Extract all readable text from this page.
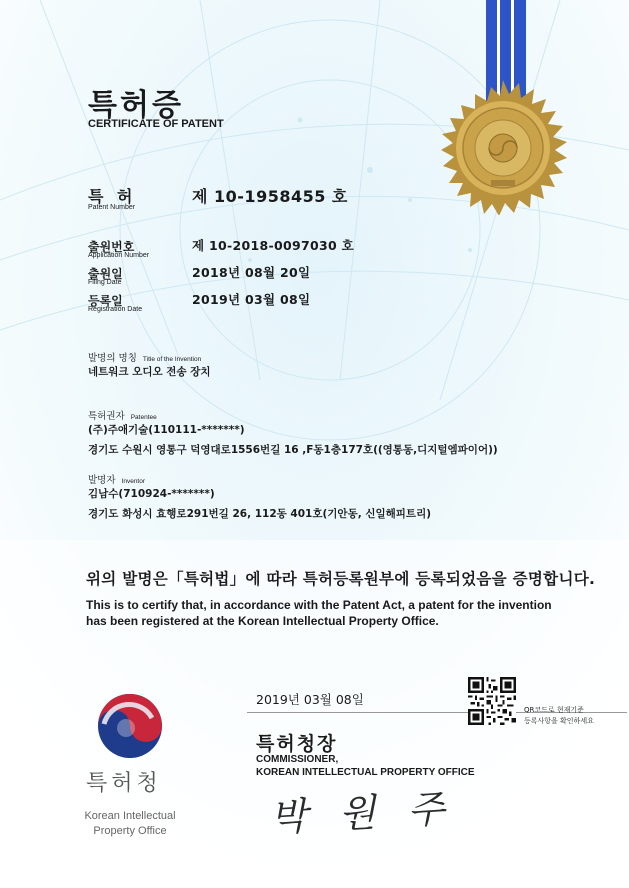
특허증
CERTIFICATE OF PATENT
특 허
Patent Number
제 10-1958455 호
출원번호
Application Number
제 10-2018-0097030 호
출원일
Filing Date
2018년 08월 20일
등록일
Registration Date
2019년 03월 08일
발명의 명칭 Title of the Invention
네트워크 오디오 전송 장치
특허권자 Patentee
(주)주애기술(110111-*******)
경기도 수원시 영통구 덕영대로1556번길 16 ,F동1층177호((영통동,디지털엠파이어))
발명자 Inventor
김남수(710924-*******)
경기도 화성시 효행로291번길 26, 112동 401호(기안동, 신일해피트리)
위의 발명은「특허법」에 따라 특허등록원부에 등록되었음을 증명합니다.
This is to certify that, in accordance with the Patent Act, a patent for the invention
has been registered at the Korean Intellectual Property Office.
2019년 03월 08일
QR코드로 현재기준
등록사항을 확인하세요
특허청장
COMMISSIONER,
KOREAN INTELLECTUAL PROPERTY OFFICE
박 원 주
특허청
Korean Intellectual
Property Office
